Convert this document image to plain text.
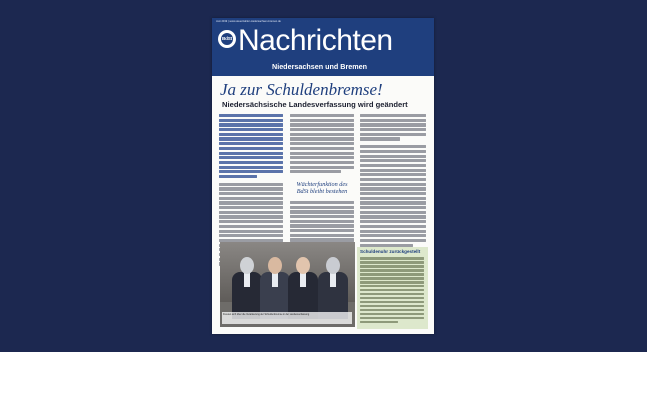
Juni 2019 | www.steuerzahler-niedersachsen-bremen.de
BdSt Nachrichten
Niedersachsen und Bremen
Ja zur Schuldenbremse!
Niedersächsische Landesverfassung wird geändert
Wächterfunktion des BdSt bleibt bestehen
Freuten sich über die Verankerung der Schuldenbremse in der Landesverfassung
Schuldenuhr zurückgestellt
